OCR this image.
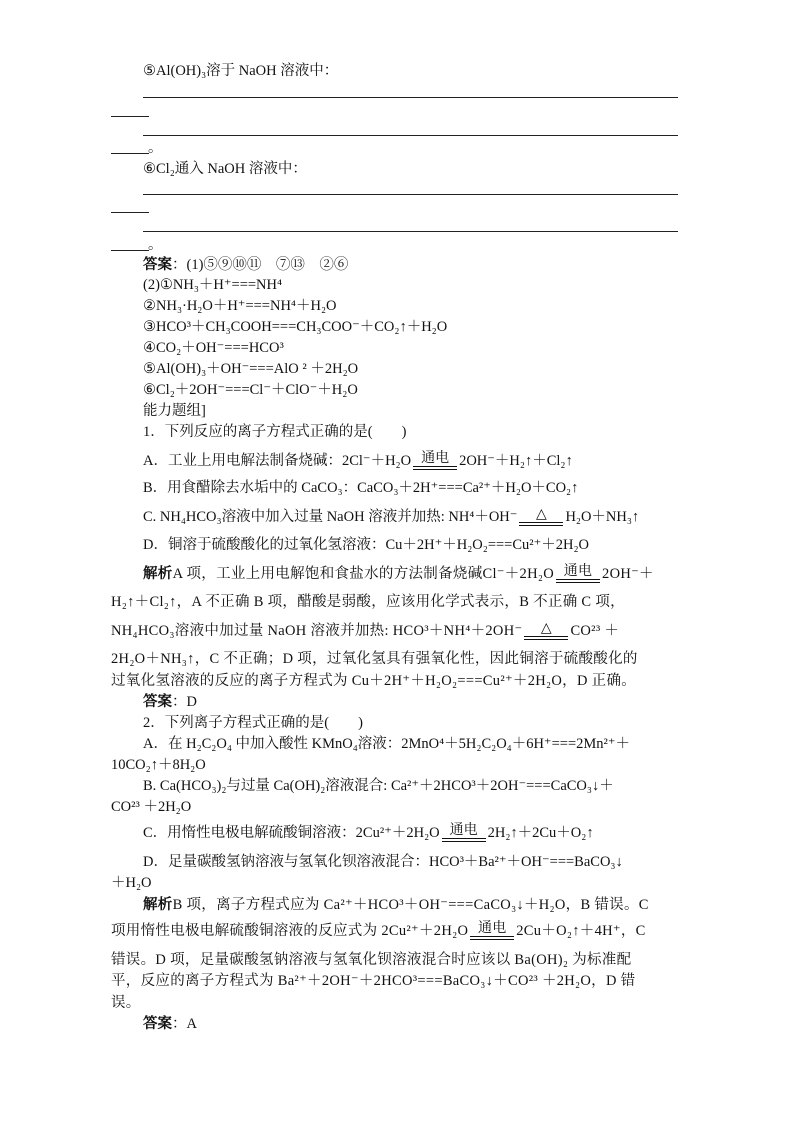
⑤Al(OH)₃溶于 NaOH 溶液中：
。
⑥Cl₂通入 NaOH 溶液中：
。
答案：(1)⑤⑨⑩⑪　⑦⑬　②⑥
(2)①NH₃＋H⁺===NH⁴
②NH₃·H₂O＋H⁺===NH⁴＋H₂O
③HCO³＋CH₃COOH===CH₃COO⁻＋CO₂↑＋H₂O
④CO₂＋OH⁻===HCO³
⑤Al(OH)₃＋OH⁻===AlO ² ＋2H₂O
⑥Cl₂＋2OH⁻===Cl⁻＋ClO⁻＋H₂O
能力题组]
1．下列反应的离子方程式正确的是(　　)
A．工业上用电解法制备烧碱：2Cl⁻＋H₂O 通电 2OH⁻＋H₂↑＋Cl₂↑
B．用食醋除去水垢中的 CaCO₃：CaCO₃＋2H⁺===Ca²⁺＋H₂O＋CO₂↑
C. NH₄HCO₃溶液中加入过量 NaOH 溶液并加热: NH⁴＋OH⁻	△	H₂O＋NH₃↑
D．铜溶于硫酸酸化的过氧化氢溶液：Cu＋2H⁺＋H₂O₂===Cu²⁺＋2H₂O
解析A 项，工业上用电解饱和食盐水的方法制备烧碱Cl⁻＋2H₂O 通电 2OH⁻＋
H₂↑＋Cl₂↑，A 不正确 B 项，醋酸是弱酸，应该用化学式表示，B 不正确 C 项，
NH₄HCO₃溶液中加过量 NaOH 溶液并加热: HCO³＋NH⁴＋2OH⁻	△	CO²³ ＋
2H₂O＋NH₃↑，C 不正确；D 项，过氧化氢具有强氧化性，因此铜溶于硫酸酸化的
过氧化氢溶液的反应的离子方程式为 Cu＋2H⁺＋H₂O₂===Cu²⁺＋2H₂O，D 正确。
答案：D
2．下列离子方程式正确的是(　　)
A．在 H₂C₂O₄ 中加入酸性 KMnO₄溶液：2MnO⁴＋5H₂C₂O₄＋6H⁺===2Mn²⁺＋
10CO₂↑＋8H₂O
B. Ca(HCO₃)₂与过量 Ca(OH)₂溶液混合: Ca²⁺＋2HCO³＋2OH⁻===CaCO₃↓＋
CO²³ ＋2H₂O
C．用惰性电极电解硫酸铜溶液：2Cu²⁺＋2H₂O 通电 2H₂↑＋2Cu＋O₂↑
D．足量碳酸氢钠溶液与氢氧化钡溶液混合：HCO³＋Ba²⁺＋OH⁻===BaCO₃↓
＋H₂O
解析B 项，离子方程式应为 Ca²⁺＋HCO³＋OH⁻===CaCO₃↓＋H₂O，B 错误。C
项用惰性电极电解硫酸铜溶液的反应式为 2Cu²⁺＋2H₂O 通电 2Cu＋O₂↑＋4H⁺，C
错误。D 项，足量碳酸氢钠溶液与氢氧化钡溶液混合时应该以 Ba(OH)₂ 为标准配
平，反应的离子方程式为 Ba²⁺＋2OH⁻＋2HCO³===BaCO₃↓＋CO²³ ＋2H₂O，D 错
误。
答案：A
